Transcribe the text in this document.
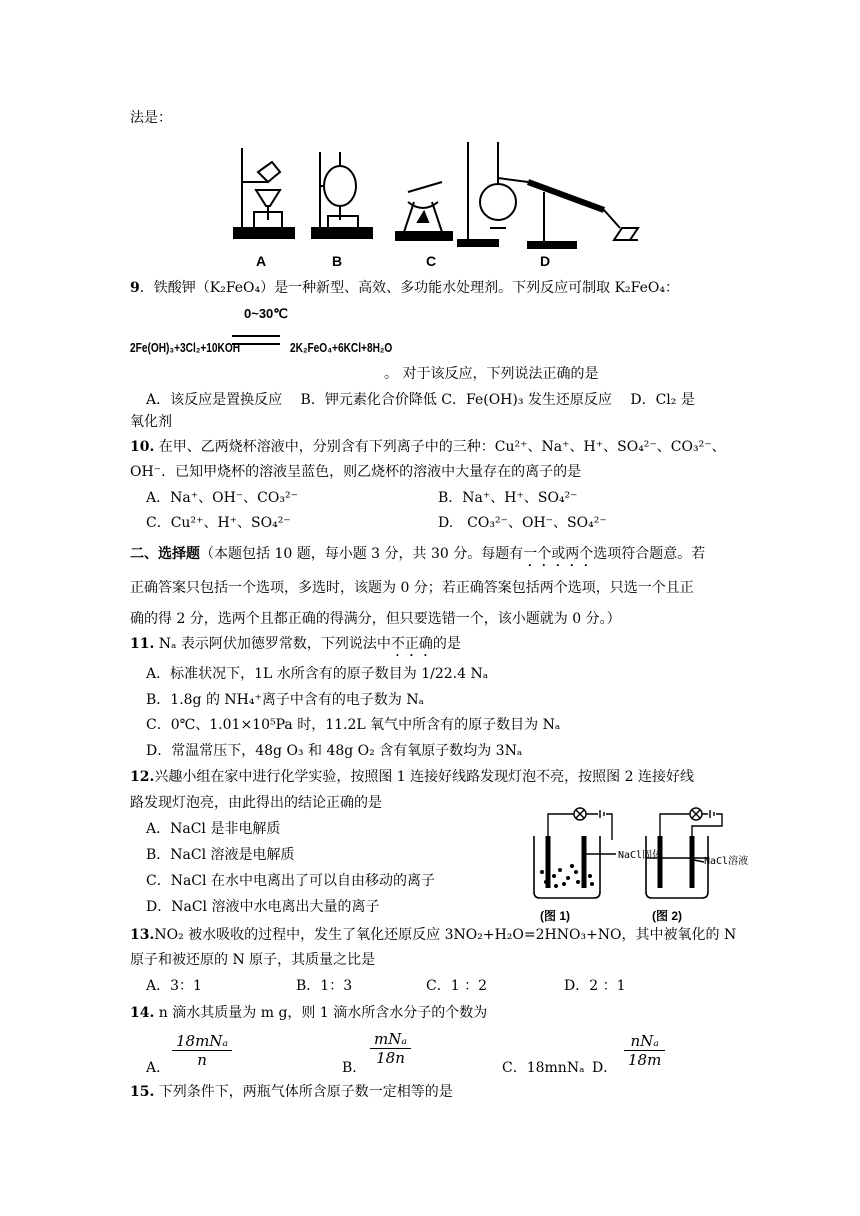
法是：
A	B	C	D
9．铁酸钾（K₂FeO₄）是一种新型、高效、多功能水处理剂。下列反应可制取 K₂FeO₄：
2Fe(OH)₃+3Cl₂+10KOH
0~30℃
2K₂FeO₄+6KCl+8H₂O
。 对于该反应，下列说法正确的是
A．该反应是置换反应　 B．钾元素化合价降低 C．Fe(OH)₃ 发生还原反应　 D．Cl₂ 是
氧化剂
10. 在甲、乙两烧杯溶液中，分别含有下列离子中的三种：Cu²⁺、Na⁺、H⁺、SO₄²⁻、CO₃²⁻、
OH⁻．已知甲烧杯的溶液呈蓝色，则乙烧杯的溶液中大量存在的离子的是
A．Na⁺、OH⁻、CO₃²⁻	B．Na⁺、H⁺、SO₄²⁻
C．Cu²⁺、H⁺、SO₄²⁻	D.　CO₃²⁻、OH⁻、SO₄²⁻
二、选择题（本题包括 10 题，每小题 3 分，共 30 分。每题有一个或两个选项符合题意。若
正确答案只包括一个选项，多选时，该题为 0 分；若正确答案包括两个选项，只选一个且正
确的得 2 分，选两个且都正确的得满分，但只要选错一个，该小题就为 0 分。）
11. Nₐ 表示阿伏加德罗常数，下列说法中不正确的是
A．标准状况下，1L 水所含有的原子数目为 1/22.4 Nₐ
B．1.8g 的 NH₄⁺离子中含有的电子数为 Nₐ
C．0℃、1.01×10⁵Pa 时，11.2L 氧气中所含有的原子数目为 Nₐ
D．常温常压下，48g O₃ 和 48g O₂ 含有氧原子数均为 3Nₐ
12.兴趣小组在家中进行化学实验，按照图 1 连接好线路发现灯泡不亮，按照图 2 连接好线
路发现灯泡亮，由此得出的结论正确的是
A．NaCl 是非电解质
B．NaCl 溶液是电解质
C．NaCl 在水中电离出了可以自由移动的离子
D．NaCl 溶液中水电离出大量的离子
NaCl固体
NaCl溶液
(图 1)	(图 2)
13.NO₂ 被水吸收的过程中，发生了氧化还原反应 3NO₂+H₂O=2HNO₃+NO，其中被氧化的 N
原子和被还原的 N 原子，其质量之比是
A．3：1	B．1：3	C．1 ：2	D．2 ：1
14. n 滴水其质量为 m g，则 1 滴水所含水分子的个数为
A． $\frac{\text{18mNₐ}}{n}$	B．
$\frac{\text{mNₐ}}{18n}$
C．18mnNₐ D． $\frac{\text{nNₐ}}{18m}$
15. 下列条件下，两瓶气体所含原子数一定相等的是
